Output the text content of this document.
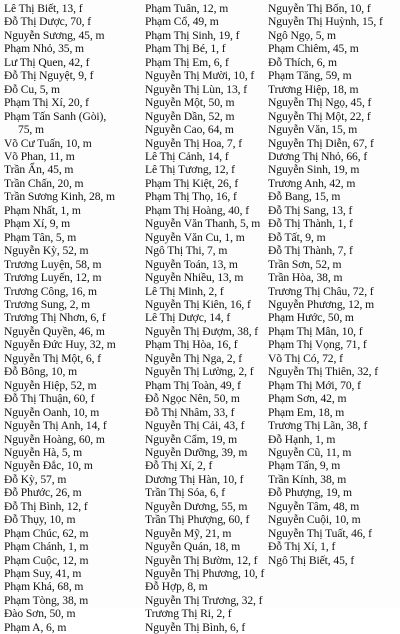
Lê Thị Biết, 13, f
Đỗ Thị Dược, 70, f
Nguyễn Sương, 45, m
Phạm Nhỏ, 35, m
Lư Thị Quen, 42, f
Đỗ Thị Nguyệt, 9, f
Đỗ Cu, 5, m
Phạm Thị Xí, 20, f
Phạm Tấn Sanh (Gòi),
75, m
Võ Cư Tuấn, 10, m
Võ Phan, 11, m
Trần Ẩn, 45, m
Trần Chấn, 20, m
Trần Sương Kinh, 28, m
Phạm Nhất, 1, m
Phạm Xí, 9, m
Phạm Tân, 5, m
Nguyễn Kỳ, 52, m
Trương Luyện, 58, m
Trương Luyến, 12, m
Trương Công, 16, m
Trương Sung, 2, m
Trương Thị Nhơn, 6, f
Nguyễn Quyền, 46, m
Nguyễn Đức Huy, 32, m
Nguyễn Thị Một, 6, f
Đỗ Bông, 10, m
Nguyễn Hiệp, 52, m
Đỗ Thị Thuận, 60, f
Nguyễn Oanh, 10, m
Nguyễn Thị Anh, 14, f
Nguyễn Hoàng, 60, m
Nguyễn Hà, 5, m
Nguyễn Đắc, 10, m
Đỗ Kỳ, 57, m
Đỗ Phước, 26, m
Đỗ Thị Bình, 12, f
Đỗ Thụy, 10, m
Phạm Chúc, 62, m
Phạm Chánh, 1, m
Phạm Cuộc, 12, m
Phạm Suy, 41, m
Phạm Khá, 68, m
Phạm Tòng, 38, m
Đào Sơn, 50, m
Phạm A, 6, m
Phạm Tuân, 12, m
Phạm Cổ, 49, m
Phạm Thị Sinh, 19, f
Phạm Thị Bé, 1, f
Phạm Thị Em, 6, f
Nguyễn Thị Mười, 10, f
Nguyễn Thị Lùn, 13, f
Nguyễn Một, 50, m
Nguyễn Dần, 52, m
Nguyễn Cao, 64, m
Nguyễn Thị Hoa, 7, f
Lê Thị Cảnh, 14, f
Lê Thị Tương, 12, f
Phạm Thị Kiệt, 26, f
Phạm Thị Thọ, 16, f
Phạm Thị Hoàng, 40, f
Nguyễn Văn Thanh, 5, m
Nguyễn Văn Cu, 1, m
Ngô Thị Thi, 7, m
Nguyễn Toán, 13, m
Nguyễn Nhiều, 13, m
Lê Thị Minh, 2, f
Nguyễn Thị Kiên, 16, f
Lê Thị Dược, 14, f
Nguyễn Thị Đượm, 38, f
Phạm Thị Hòa, 16, f
Nguyễn Thị Nga, 2, f
Nguyễn Thị Lường, 2, f
Phạm Thị Toàn, 49, f
Đỗ Ngọc Nên, 50, m
Đỗ Thị Nhâm, 33, f
Nguyễn Thị Cải, 43, f
Nguyễn Cẩm, 19, m
Nguyễn Dưỡng, 39, m
Đỗ Thị Xí, 2, f
Dương Thị Hàn, 10, f
Trần Thị Sóa, 6, f
Nguyễn Dương, 55, m
Trần Thị Phượng, 60, f
Nguyễn Mỹ, 21, m
Nguyễn Quán, 18, m
Nguyễn Thị Bườm, 12, f
Nguyễn Thị Phương, 10, f
Đỗ Hợp, 8, m
Nguyễn Thị Trương, 32, f
Trương Thị Ri, 2, f
Nguyễn Thị Bình, 6, f
Nguyễn Thị Bốn, 10, f
Nguyễn Thị Huỳnh, 15, f
Ngô Ngọ, 5, m
Phạm Chiêm, 45, m
Đỗ Thích, 6, m
Phạm Tăng, 59, m
Trương Hiệp, 18, m
Nguyễn Thị Ngọ, 45, f
Nguyễn Thị Một, 22, f
Nguyễn Văn, 15, m
Nguyễn Thị Diễn, 67, f
Dương Thị Nhỏ, 66, f
Nguyễn Sinh, 19, m
Trương Anh, 42, m
Đỗ Bang, 15, m
Đỗ Thị Sang, 13, f
Đỗ Thị Thành, 1, f
Đỗ Tất, 9, m
Đỗ Thị Thành, 7, f
Trần Sơn, 52, m
Trần Hòa, 38, m
Trương Thị Châu, 72, f
Nguyễn Phương, 12, m
Phạm Hước, 50, m
Phạm Thị Mân, 10, f
Phạm Thị Vọng, 71, f
Võ Thị Có, 72, f
Nguyễn Thị Thiên, 32, f
Phạm Thị Mới, 70, f
Phạm Sơn, 42, m
Phạm Em, 18, m
Trương Thị Lãn, 38, f
Đỗ Hạnh, 1, m
Nguyễn Cũ, 11, m
Phạm Tấn, 9, m
Trần Kính, 38, m
Đỗ Phượng, 19, m
Nguyễn Tâm, 48, m
Nguyễn Cuội, 10, m
Nguyễn Thị Tuất, 46, f
Đỗ Thị Xí, 1, f
Ngô Thị Biết, 45, f
